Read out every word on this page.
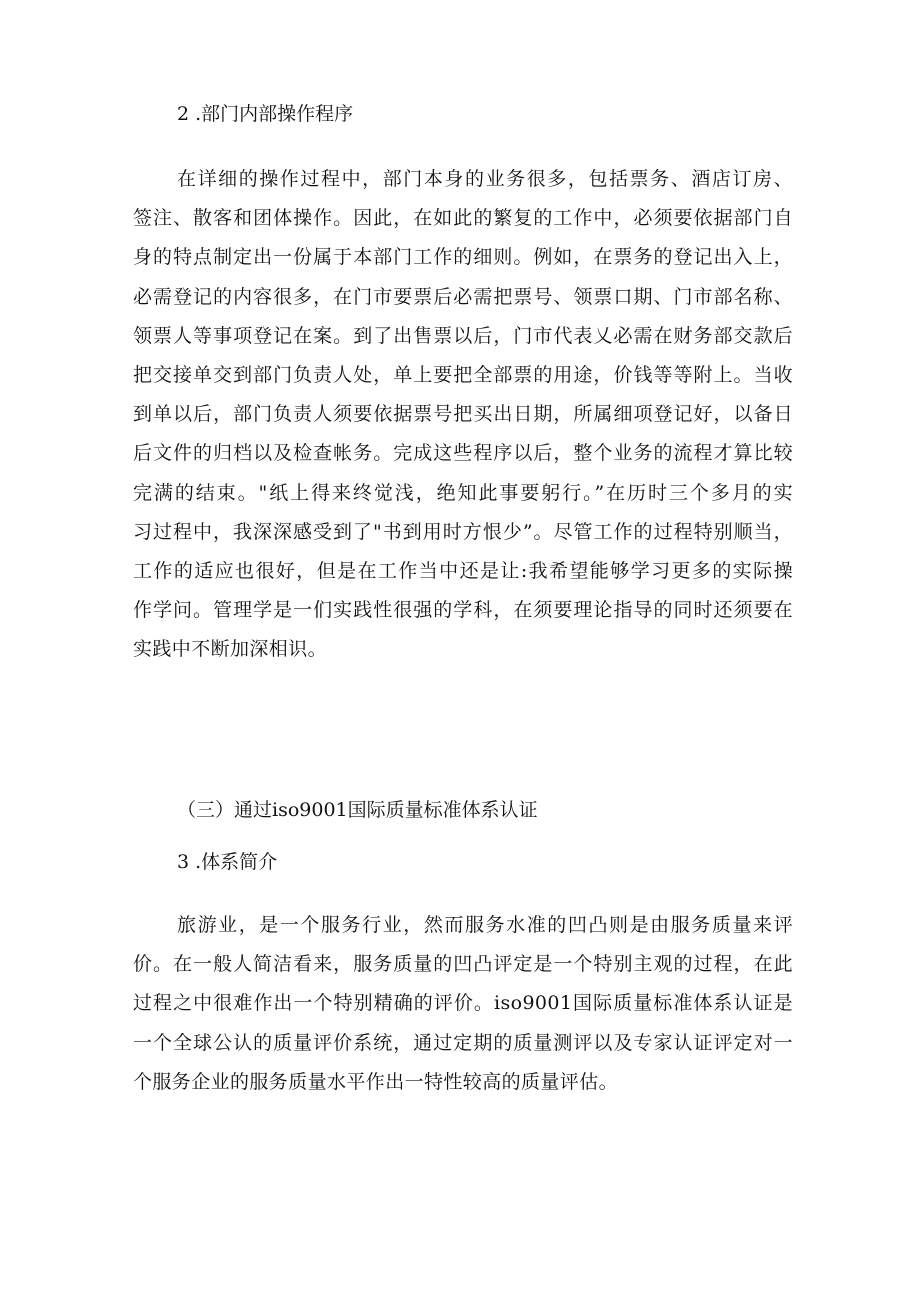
2 .部门内部操作程序
在详细的操作过程中，部门本身的业务很多，包括票务、酒店订房、
签注、散客和团体操作。因此，在如此的繁复的工作中，必须要依据部门自
身的特点制定出一份属于本部门工作的细则。例如，在票务的登记出入上，
必需登记的内容很多，在门市要票后必需把票号、领票口期、门市部名称、
领票人等事项登记在案。到了出售票以后，门市代表乂必需在财务部交款后
把交接单交到部门负责人处，单上要把全部票的用途，价钱等等附上。当收
到单以后，部门负责人须要依据票号把买出日期，所属细项登记好，以备日
后文件的归档以及检查帐务。完成这些程序以后，整个业务的流程才算比较
完满的结束。"纸上得来终觉浅，绝知此事要躬行。”在历时三个多月的实
习过程中，我深深感受到了"书到用时方恨少”。尽管工作的过程特别顺当，
工作的适应也很好，但是在工作当中还是让:我希望能够学习更多的实际操
作学问。管理学是一们实践性很强的学科，在须要理论指导的同时还须要在
实践中不断加深相识。
（三）通过iso9001国际质量标准体系认证
3 .体系简介
旅游业，是一个服务行业，然而服务水准的凹凸则是由服务质量来评
价。在一般人简洁看来，服务质量的凹凸评定是一个特别主观的过程，在此
过程之中很难作出一个特别精确的评价。iso9001国际质量标准体系认证是
一个全球公认的质量评价系统，通过定期的质量测评以及专家认证评定对一
个服务企业的服务质量水平作出一特性较高的质量评估。
